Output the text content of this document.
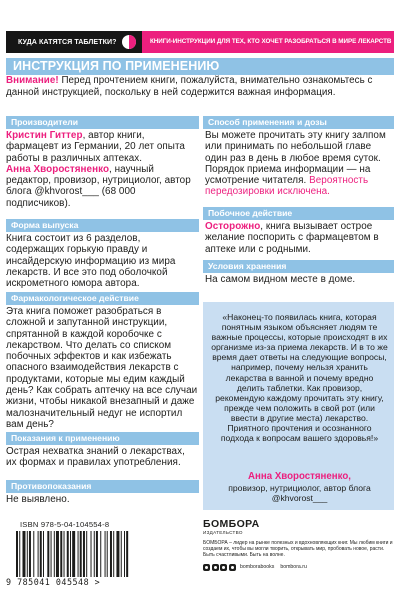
КУДА КАТЯТСЯ ТАБЛЕТКИ?	КНИГИ-ИНСТРУКЦИИ ДЛЯ ТЕХ, КТО ХОЧЕТ РАЗОБРАТЬСЯ В МИРЕ ЛЕКАРСТВ
ИНСТРУКЦИЯ ПО ПРИМЕНЕНИЮ
Внимание! Перед прочтением книги, пожалуйста, внимательно ознакомьтесь с данной инструкцией, поскольку в ней содержится важная информация.
Производители
Кристин Гиттер, автор книги, фармацевт из Германии, 20 лет опыта работы в различных аптеках.
Анна Хворостяненко, научный редактор, провизор, нутрициолог, автор блога @khvorost___ (68 000 подписчиков).
Форма выпуска
Книга состоит из 6 разделов, содержащих горькую правду и инсайдерскую информацию из мира лекарств. И все это под оболочкой искрометного юмора автора.
Фармакологическое действие
Эта книга поможет разобраться в сложной и запутанной инструкции, спрятанной в каждой коробочке с лекарством. Что делать со списком побочных эффектов и как избежать опасного взаимодействия лекарств с продуктами, которые мы едим каждый день? Как собрать аптечку на все случаи жизни, чтобы никакой внезапный и даже малозначительный недуг не испортил вам день?
Показания к применению
Острая нехватка знаний о лекарствах, их формах и правилах употребления.
Противопоказания
Не выявлено.
Способ применения и дозы
Вы можете прочитать эту книгу залпом или принимать по небольшой главе один раз в день в любое время суток. Порядок приема информации — на усмотрение читателя. Вероятность передозировки исключена.
Побочное действие
Осторожно, книга вызывает острое желание поспорить с фармацевтом в аптеке или с родными.
Условия хранения
На самом видном месте в доме.
«Наконец-то появилась книга, которая понятным языком объясняет людям те важные процессы, которые происходят в их организме из-за приема лекарств. И в то же время дает ответы на следующие вопросы, например, почему нельзя хранить лекарства в ванной и почему вредно делить таблетки. Как провизор, рекомендую каждому прочитать эту книгу, прежде чем положить в свой рот (или ввести в другие места) лекарство. Приятного прочтения и осознанного подхода к вопросам вашего здоровья!»
Анна Хворостяненко,
провизор, нутрициолог, автор блога @khvorost___
ISBN 978-5-04-104554-8
9 785041 045548 >
БОМБОРА
ИЗДАТЕЛЬСТВО
БОМБОРА – лидер на рынке полезных и вдохновляющих книг. Мы любим книги и создаем их, чтобы вы могли творить, открывать мир, пробовать новое, расти. Быть счастливыми. Быть на волне.
bomborabooks bombora.ru
